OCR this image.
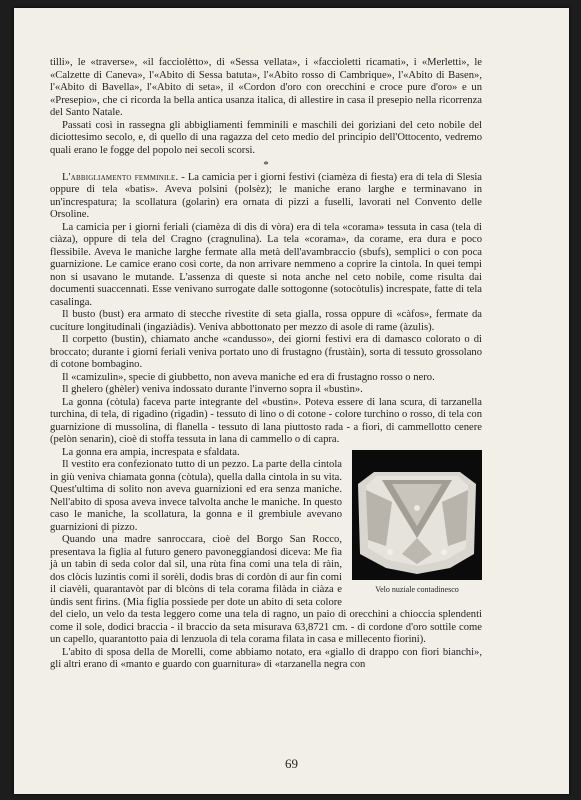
tilli», le «traverse», «il facciolètto», di «Sessa vellata», i «faccioletti ricamati», i «Merletti», le «Calzette di Caneva», l'«Abito di Sessa batuta», l'«Abito rosso di Cambrique», l'«Abito di Basen», l'«Abito di Bavella», l'«Abito di seta», il «Cordon d'oro con orecchini e croce pure d'oro» e un «Presepio», che ci ricorda la bella antica usanza italica, di allestire in casa il presepio nella ricorrenza del Santo Natale.

Passati così in rassegna gli abbigliamenti femminili e maschili dei goriziani del ceto nobile del diciottesimo secolo, e, di quello di una ragazza del ceto medio del principio dell'Ottocento, vedremo quali erano le fogge del popolo nei secoli scorsi.

*

L'abbigliamento femminile. - La camicia per i giorni festivi (ciamèza di fiesta) era di tela di Slesia oppure di tela «batis». Aveva polsini (polsèz); le maniche erano larghe e terminavano in un'increspatura; la scollatura (golarìn) era ornata di pizzi a fuselli, lavorati nel Convento delle Orsoline.

La camicia per i giorni feriali (ciamèza di dìs di vòra) era di tela «corama» tessuta in casa (tela di ciàza), oppure di tela del Cragno (cragnulìna). La tela «corama», da corame, era dura e poco flessibile. Aveva le maniche larghe fermate alla metà dell'avambraccio (sbufs), semplici o con poca guarnizione. Le camice erano così corte, da non arrivare nemmeno a coprire la cintola. In quei tempi non si usavano le mutande. L'assenza di queste si nota anche nel ceto nobile, come risulta dai documenti suaccennati. Esse venivano surrogate dalle sottogonne (sotocòtulis) increspate, fatte di tela casalinga.

Il busto (bust) era armato di stecche rivestite di seta gialla, rossa oppure di «càfos», fermate da cuciture longitudinali (ingaziàdis). Veniva abbottonato per mezzo di asole di rame (àzulis).

Il corpetto (bustìn), chiamato anche «candusso», dei giorni festivi era di damasco colorato o di broccato; durante i giorni feriali veniva portato uno di frustagno (frustàin), sorta di tessuto grossolano di cotone bombagino.

Il «camizulìn», specie di giubbetto, non aveva maniche ed era di frustagno rosso o nero.

Il ghelero (ghèler) veniva indossato durante l'inverno sopra il «bustìn».

La gonna (còtula) faceva parte integrante del «bustìn». Poteva essere di lana scura, di tarzanella turchina, di tela, di rigadino (rigadìn) - tessuto di lino o di cotone - colore turchino o rosso, di tela con guarnizione di mussolina, di flanella - tessuto di lana piuttosto rada - a fiori, di cammellotto cenere (pelòn senarìn), cioè di stoffa tessuta in lana di cammello o di capra.

Velo nuziale contadinesco

La gonna era ampia, increspata e sfaldata.

Il vestito era confezionato tutto di un pezzo. La parte della cintola in giù veniva chiamata gonna (còtula), quella dalla cintola in su vita. Quest'ultima di solito non aveva guarnizioni ed era senza maniche. Nell'abito di sposa aveva invece talvolta anche le maniche. In questo caso le maniche, la scollatura, la gonna e il grembiule avevano guarnizioni di pizzo.

Quando una madre sanroccara, cioè del Borgo San Rocco, presentava la figlia al futuro genero pavoneggiandosi diceva: Me fia jà un tabìn di seda color dal sil, una rùta fina comi una tela di ràin, dos clòcis luzintis comi il sorèli, dodis bras di cordòn di aur fin comi il ciavèli, quarantavòt par di blcòns di tela corama filàda in ciàza e ùndis sent fìrins. (Mia figlia possiede per dote un abito di seta colore del cielo, un velo da testa leggero come una tela di ragno, un paio di orecchini a chioccia splendenti come il sole, dodici braccia - il braccio da seta misurava 63,8721 cm. - di cordone d'oro sottile come un capello, quarantotto paia di lenzuola di tela corama filata in casa e millecento fiorini).

L'abito di sposa della de Morelli, come abbiamo notato, era «giallo di drappo con fiori bianchi», gli altri erano di «manto e guardo con guarnitura» di «tarzanella negra con

69
